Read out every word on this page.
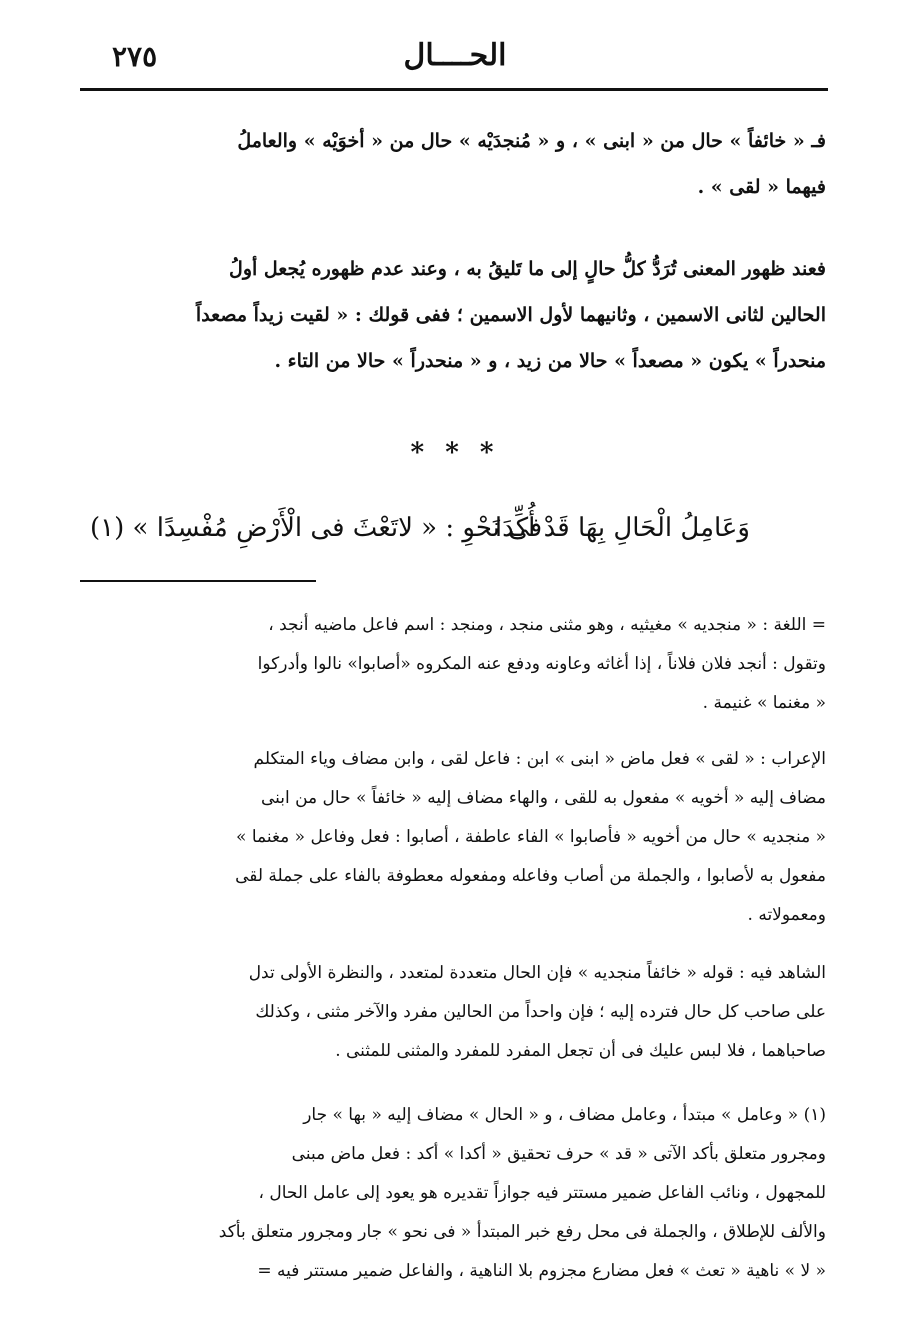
الحــــال
٢٧٥
فـ « خائفاً » حال من « ابنى » ، و « مُنجدَيْه » حال من « أخوَيْه » والعاملُ
فيهما « لقى » .
فعند ظهور المعنى تُرَدُّ كلُّ حالٍ إلى ما تَليقُ به ، وعند عدم ظهوره يُجعل أولُ
الحالين لثانى الاسمين ، وثانيهما لأول الاسمين ؛ ففى قولك : « لقيت زيداً مصعداً
منحدراً » يكون « مصعداً » حالا من زيد ، و « منحدراً » حالا من التاء .
* * *
وَعَامِلُ الْحَالِ بِهَا قَدْ أُكِّدَا
فى نَحْوِ : « لاتَعْثَ فى الْأَرْضِ مُفْسِدًا » (١)
= اللغة : « منجديه » مغيثيه ، وهو مثنى منجد ، ومنجد : اسم فاعل ماضيه أنجد ،
وتقول : أنجد فلان فلاناً ، إذا أغاثه وعاونه ودفع عنه المكروه «أصابوا» نالوا وأدركوا
« مغنما » غنيمة .
الإعراب : « لقى » فعل ماض « ابنى » ابن : فاعل لقى ، وابن مضاف وياء المتكلم
مضاف إليه « أخويه » مفعول به للقى ، والهاء مضاف إليه « خائفاً » حال من ابنى
« منجديه » حال من أخويه « فأصابوا » الفاء عاطفة ، أصابوا : فعل وفاعل « مغنما »
مفعول به لأصابوا ، والجملة من أصاب وفاعله ومفعوله معطوفة بالفاء على جملة لقى
ومعمولاته .
الشاهد فيه : قوله « خائفاً منجديه » فإن الحال متعددة لمتعدد ، والنظرة الأولى تدل
على صاحب كل حال فترده إليه ؛ فإن واحداً من الحالين مفرد والآخر مثنى ، وكذلك
صاحباهما ، فلا لبس عليك فى أن تجعل المفرد للمفرد والمثنى للمثنى .
(١) « وعامل » مبتدأ ، وعامل مضاف ، و « الحال » مضاف إليه « بها » جار
ومجرور متعلق بأكد الآتى « قد » حرف تحقيق « أكدا » أكد : فعل ماض مبنى
للمجهول ، ونائب الفاعل ضمير مستتر فيه جوازاً تقديره هو يعود إلى عامل الحال ،
والألف للإطلاق ، والجملة فى محل رفع خبر المبتدأ « فى نحو » جار ومجرور متعلق بأكد
« لا » ناهية « تعث » فعل مضارع مجزوم بلا الناهية ، والفاعل ضمير مستتر فيه =
